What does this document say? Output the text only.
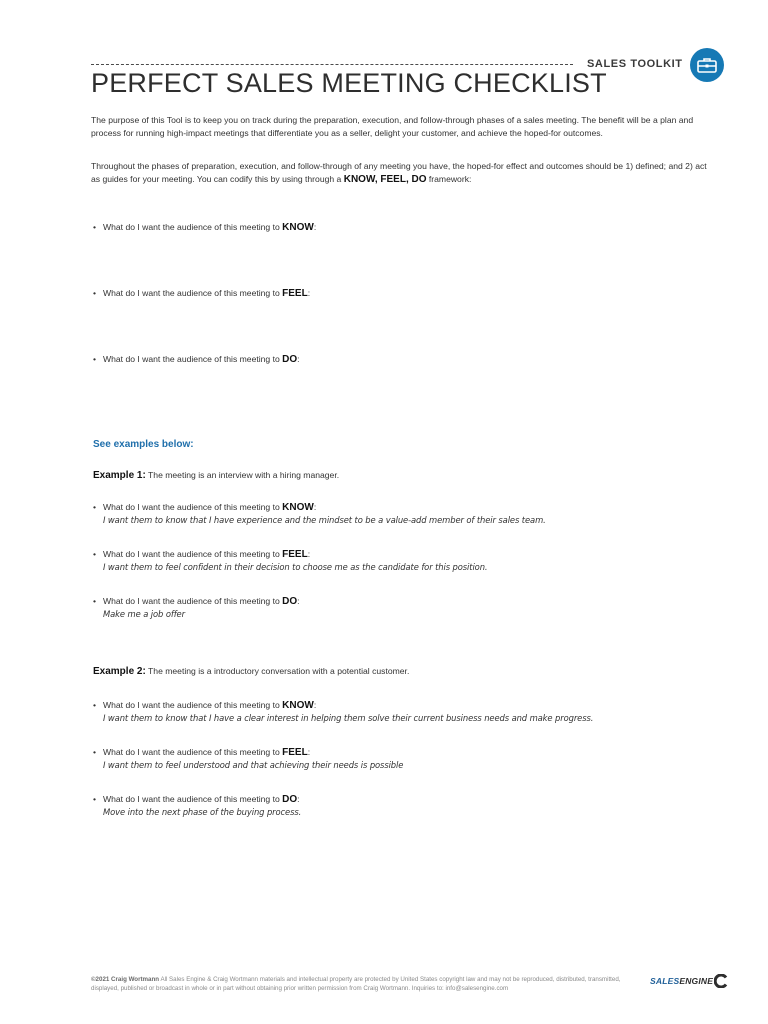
SALES TOOLKIT
PERFECT SALES MEETING CHECKLIST
The purpose of this Tool is to keep you on track during the preparation, execution, and follow-through phases of a sales meeting. The benefit will be a plan and process for running high-impact meetings that differentiate you as a seller, delight your customer, and achieve the hoped-for outcomes.
Throughout the phases of preparation, execution, and follow-through of any meeting you have, the hoped-for effect and outcomes should be 1) defined; and 2) act as guides for your meeting. You can codify this by using through a KNOW, FEEL, DO framework:
• What do I want the audience of this meeting to KNOW:
• What do I want the audience of this meeting to FEEL:
• What do I want the audience of this meeting to DO:
See examples below:
Example 1: The meeting is an interview with a hiring manager.
• What do I want the audience of this meeting to KNOW:
I want them to know that I have experience and the mindset to be a value-add member of their sales team.
• What do I want the audience of this meeting to FEEL:
I want them to feel confident in their decision to choose me as the candidate for this position.
• What do I want the audience of this meeting to DO:
Make me a job offer
Example 2: The meeting is a introductory conversation with a potential customer.
• What do I want the audience of this meeting to KNOW:
I want them to know that I have a clear interest in helping them solve their current business needs and make progress.
• What do I want the audience of this meeting to FEEL:
I want them to feel understood and that achieving their needs is possible
• What do I want the audience of this meeting to DO:
Move into the next phase of the buying process.
©2021 Craig Wortmann All Sales Engine & Craig Wortmann materials and intellectual property are protected by United States copyright law and may not be reproduced, distributed, transmitted, displayed, published or broadcast in whole or in part without obtaining prior written permission from Craig Wortmann. Inquiries to: info@salesengine.com
SALES ENGINE
